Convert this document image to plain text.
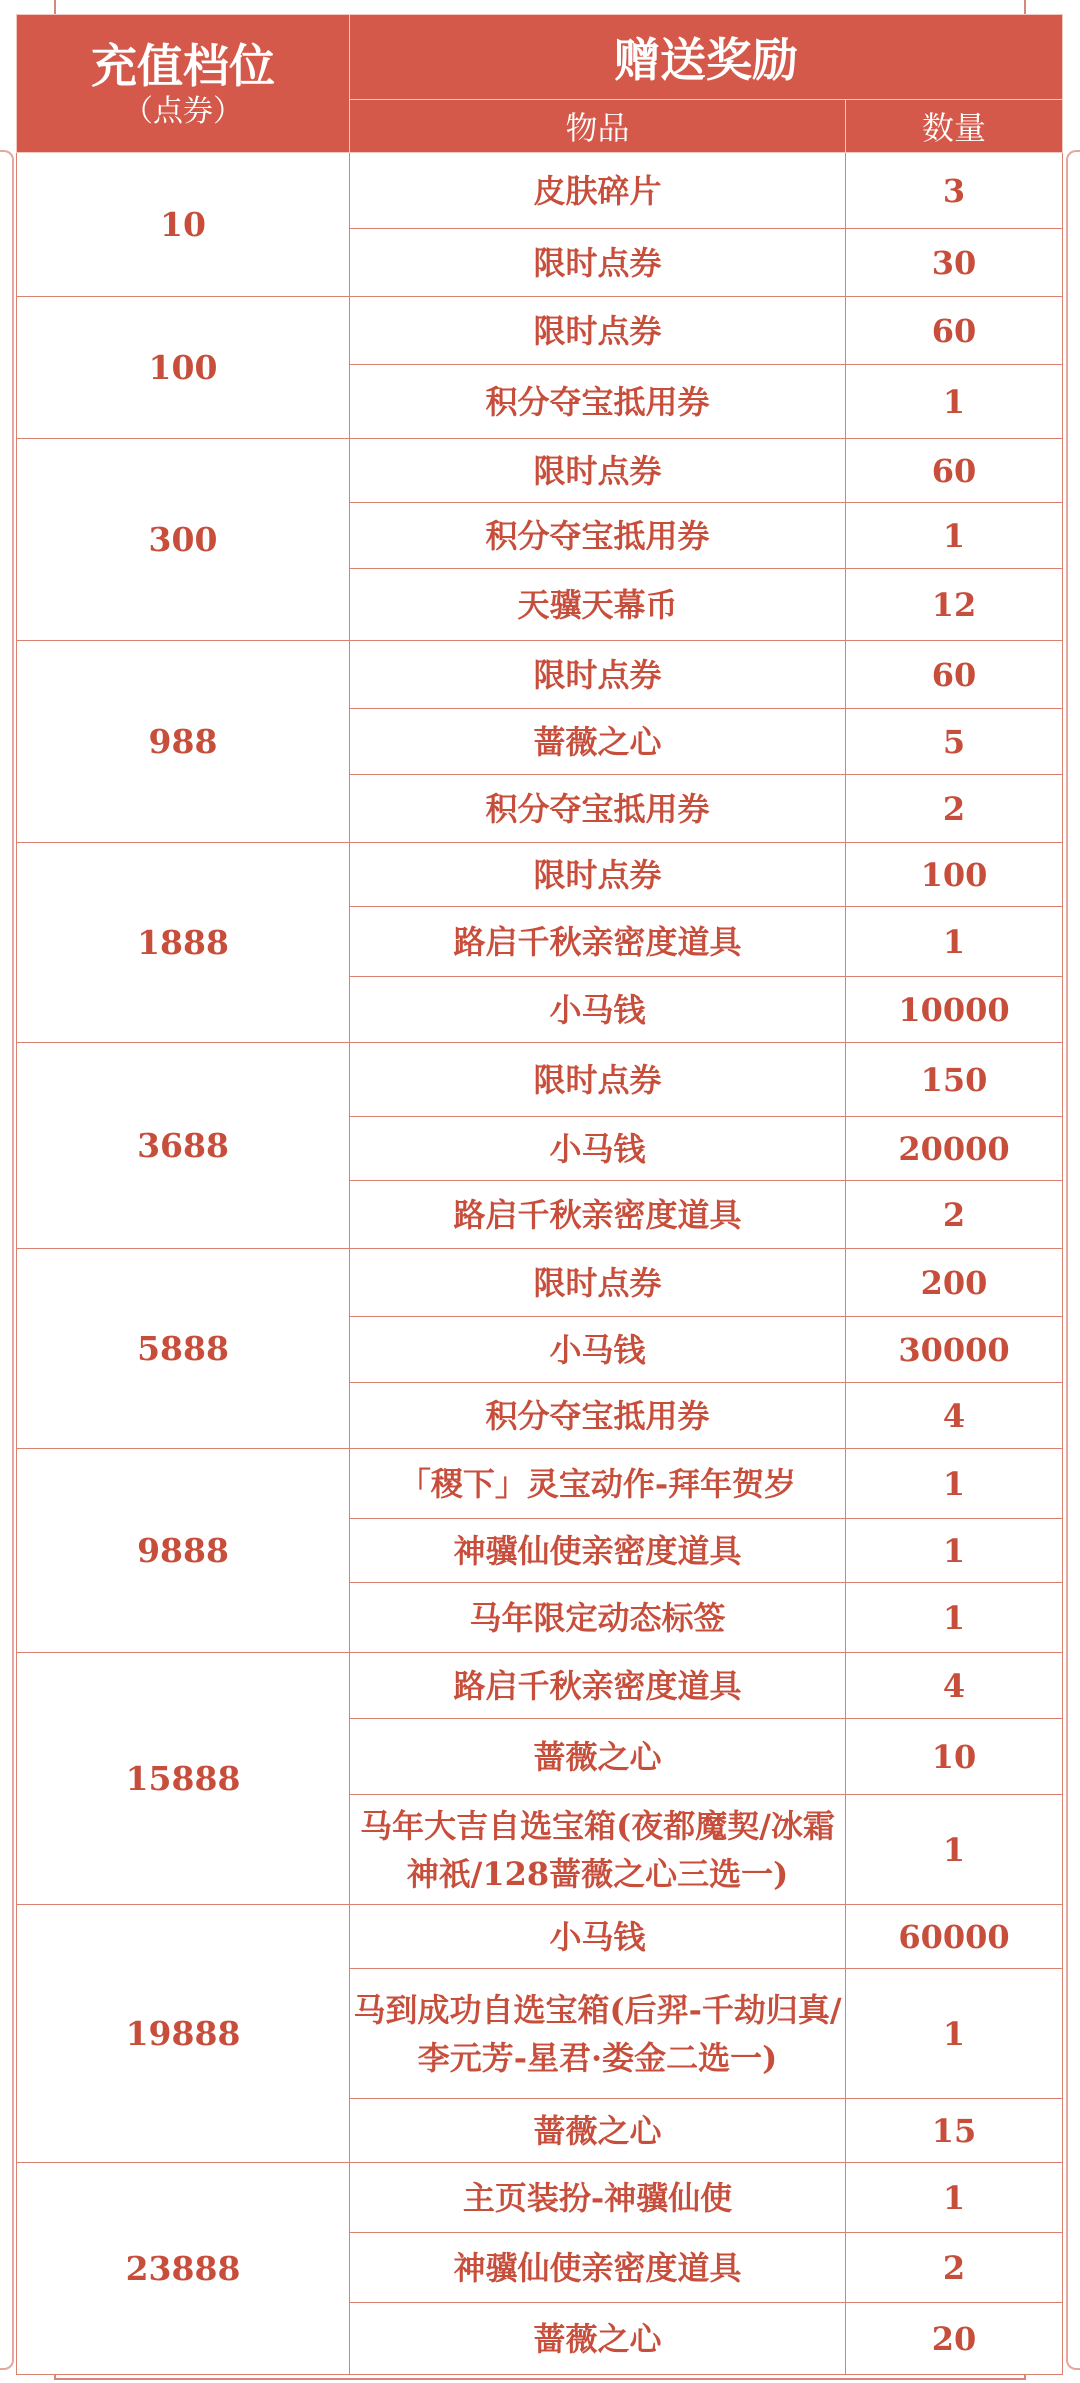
充值档位
（点券）	赠送奖励	
	物品	数量
10	皮肤碎片	3
	限时点券	30
100	限时点券	60
	积分夺宝抵用券	1
300	限时点券	60
	积分夺宝抵用券	1
	天骥天幕币	12
988	限时点券	60
	蔷薇之心	5
	积分夺宝抵用券	2
1888	限时点券	100
	路启千秋亲密度道具	1
	小马钱	10000
3688	限时点券	150
	小马钱	20000
	路启千秋亲密度道具	2
5888	限时点券	200
	小马钱	30000
	积分夺宝抵用券	4
9888	「稷下」灵宝动作-拜年贺岁	1
	神骥仙使亲密度道具	1
	马年限定动态标签	1
15888	路启千秋亲密度道具	4
	蔷薇之心	10
	马年大吉自选宝箱(夜都魔契/冰霜神祇/128蔷薇之心三选一)	1
19888	小马钱	60000
	马到成功自选宝箱(后羿-千劫归真/李元芳-星君·娄金二选一)	1
	蔷薇之心	15
23888	主页装扮-神骥仙使	1
	神骥仙使亲密度道具	2
	蔷薇之心	20
